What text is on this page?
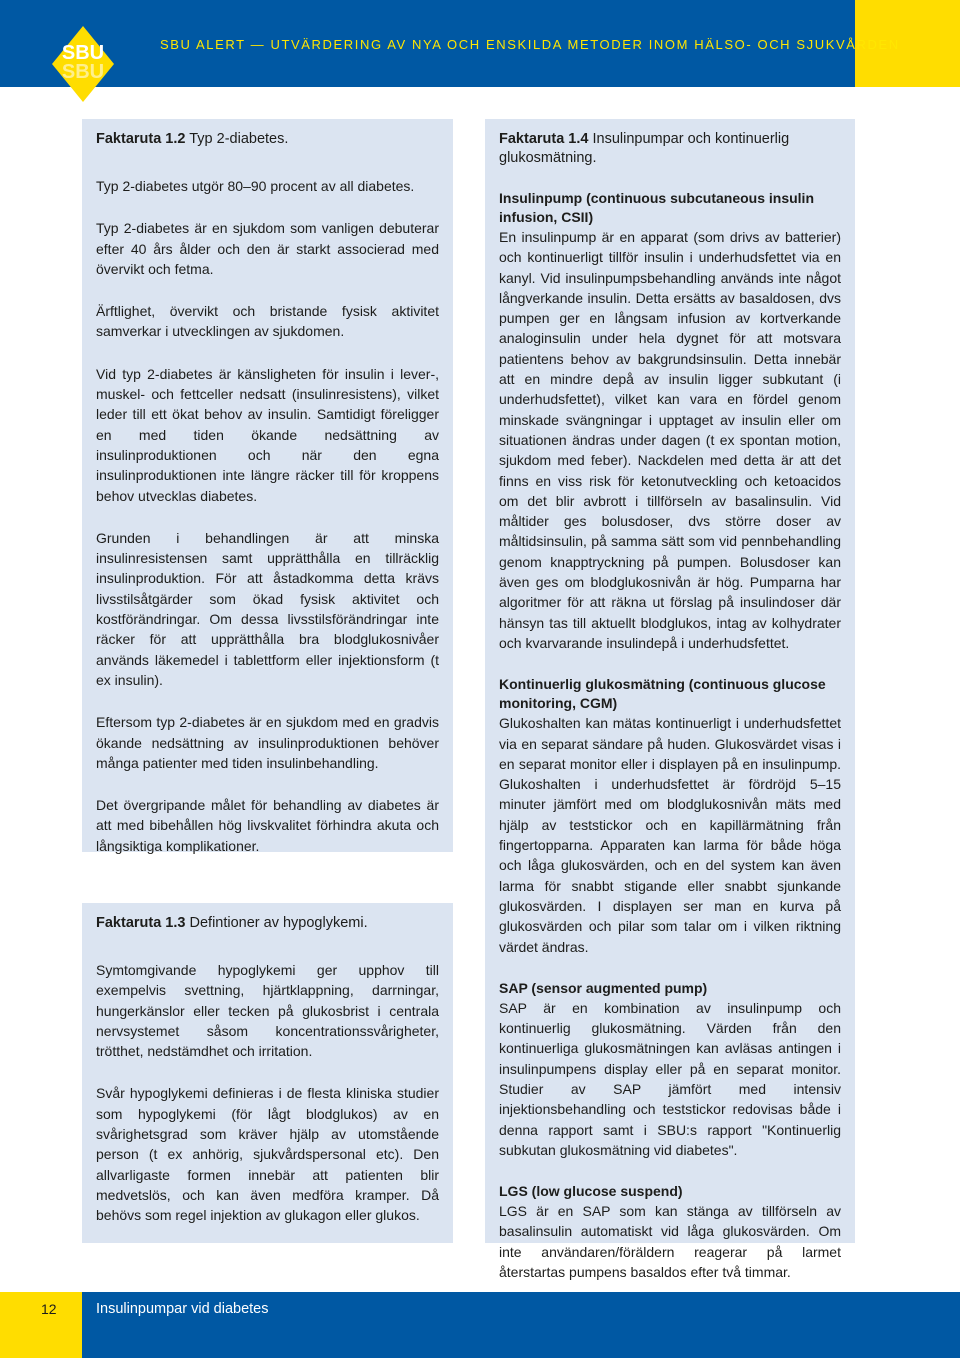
SBU
SBU
SBU ALERT — UTVÄRDERING AV NYA OCH ENSKILDA METODER INOM HÄLSO- OCH SJUKVÅRDEN
Faktaruta 1.2 Typ 2-diabetes.

Typ 2-diabetes utgör 80–90 procent av all diabetes.

Typ 2-diabetes är en sjukdom som vanligen debuterar efter 40 års ålder och den är starkt associerad med övervikt och fetma.

Ärftlighet, övervikt och bristande fysisk aktivitet samverkar i utvecklingen av sjukdomen.

Vid typ 2-diabetes är känsligheten för insulin i lever-, muskel- och fettceller nedsatt (insulinresistens), vilket leder till ett ökat behov av insulin. Samtidigt föreligger en med tiden ökande nedsättning av insulinproduktionen och när den egna insulinproduktionen inte längre räcker till för kroppens behov utvecklas diabetes.

Grunden i behandlingen är att minska insulinresistensen samt upprätthålla en tillräcklig insulinproduktion. För att åstadkomma detta krävs livsstilsåtgärder som ökad fysisk aktivitet och kostförändringar. Om dessa livsstilsförändringar inte räcker för att upprätthålla bra blodglukosnivåer används läkemedel i tablettform eller injektionsform (t ex insulin).

Eftersom typ 2-diabetes är en sjukdom med en gradvis ökande nedsättning av insulinproduktionen behöver många patienter med tiden insulinbehandling.

Det övergripande målet för behandling av diabetes är att med bibehållen hög livskvalitet förhindra akuta och långsiktiga komplikationer.

Faktaruta 1.3 Defintioner av hypoglykemi.

Symtomgivande hypoglykemi ger upphov till exempelvis svettning, hjärtklappning, darrningar, hungerkänslor eller tecken på glukosbrist i centrala nervsystemet såsom koncentrationssvårigheter, trötthet, nedstämdhet och irritation.

Svår hypoglykemi definieras i de flesta kliniska studier som hypoglykemi (för lågt blodglukos) av en svårighetsgrad som kräver hjälp av utomstående person (t ex anhörig, sjukvårdspersonal etc). Den allvarligaste formen innebär att patienten blir medvetslös, och kan även medföra kramper. Då behövs som regel injektion av glukagon eller glukos.

Faktaruta 1.4 Insulinpumpar och kontinuerlig glukosmätning.
Insulinpump (continuous subcutaneous insulin infusion, CSII)

En insulinpump är en apparat (som drivs av batterier) och kontinuerligt tillför insulin i underhudsfettet via en kanyl. Vid insulinpumpsbehandling används inte något långverkande insulin. Detta ersätts av basaldosen, dvs pumpen ger en långsam infusion av kortverkande analoginsulin under hela dygnet för att motsvara patientens behov av bakgrundsinsulin. Detta innebär att en mindre depå av insulin ligger subkutant (i underhudsfettet), vilket kan vara en fördel genom minskade svängningar i upptaget av insulin eller om situationen ändras under dagen (t ex spontan motion, sjukdom med feber). Nackdelen med detta är att det finns en viss risk för ketonutveckling och ketoacidos om det blir avbrott i tillförseln av basalinsulin. Vid måltider ges bolusdoser, dvs större doser av måltidsinsulin, på samma sätt som vid pennbehandling genom knapptryckning på pumpen. Bolusdoser kan även ges om blodglukosnivån är hög. Pumparna har algoritmer för att räkna ut förslag på insulindoser där hänsyn tas till aktuellt blodglukos, intag av kolhydrater och kvarvarande insulindepå i underhudsfettet.

Kontinuerlig glukosmätning (continuous glucose monitoring, CGM)

Glukoshalten kan mätas kontinuerligt i underhudsfettet via en separat sändare på huden. Glukosvärdet visas i en separat monitor eller i displayen på en insulinpump. Glukoshalten i underhudsfettet är fördröjd 5–15 minuter jämfört med om blodglukosnivån mäts med hjälp av teststickor och en kapillärmätning från fingertopparna. Apparaten kan larma för både höga och låga glukosvärden, och en del system kan även larma för snabbt stigande eller snabbt sjunkande glukosvärden. I displayen ser man en kurva på glukosvärden och pilar som talar om i vilken riktning värdet ändras.

SAP (sensor augmented pump)

SAP är en kombination av insulinpump och kontinuerlig glukosmätning. Värden från den kontinuerliga glukosmätningen kan avläsas antingen i insulinpumpens display eller på en separat monitor. Studier av SAP jämfört med intensiv injektionsbehandling och teststickor redovisas både i denna rapport samt i SBU:s rapport "Kontinuerlig subkutan glukosmätning vid diabetes".

LGS (low glucose suspend)

LGS är en SAP som kan stänga av tillförseln av basalinsulin automatiskt vid låga glukosvärden. Om inte användaren/föräldern reagerar på larmet återstartas pumpens basaldos efter två timmar.

12	Insulinpumpar vid diabetes
